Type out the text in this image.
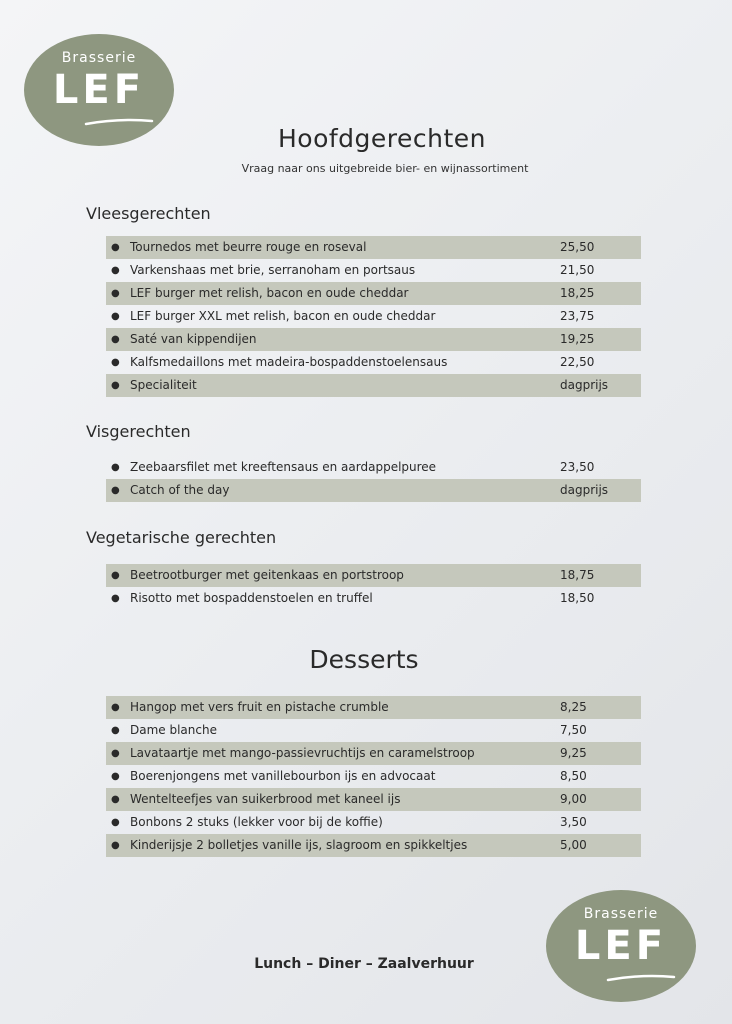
Brasserie
LEF
Hoofdgerechten
Vraag naar ons uitgebreide bier- en wijnassortiment
Vleesgerechten
● Tournedos met beurre rouge en roseval	25,50
● Varkenshaas met brie, serranoham en portsaus	21,50
● LEF burger met relish, bacon en oude cheddar	18,25
● LEF burger XXL met relish, bacon en oude cheddar	23,75
● Saté van kippendijen	19,25
● Kalfsmedaillons met madeira-bospaddenstoelensaus	22,50
● Specialiteit	dagprijs
Visgerechten
● Zeebaarsfilet met kreeftensaus en aardappelpuree	23,50
● Catch of the day	dagprijs
Vegetarische gerechten
● Beetrootburger met geitenkaas en portstroop	18,75
● Risotto met bospaddenstoelen en truffel	18,50
Desserts
● Hangop met vers fruit en pistache crumble	8,25
● Dame blanche	7,50
● Lavataartje met mango-passievruchtijs en caramelstroop	9,25
● Boerenjongens met vanillebourbon ijs en advocaat	8,50
● Wentelteefjes van suikerbrood met kaneel ijs	9,00
● Bonbons 2 stuks (lekker voor bij de koffie)	3,50
● Kinderijsje 2 bolletjes vanille ijs, slagroom en spikkeltjes	5,00
Lunch – Diner – Zaalverhuur
Brasserie
LEF
